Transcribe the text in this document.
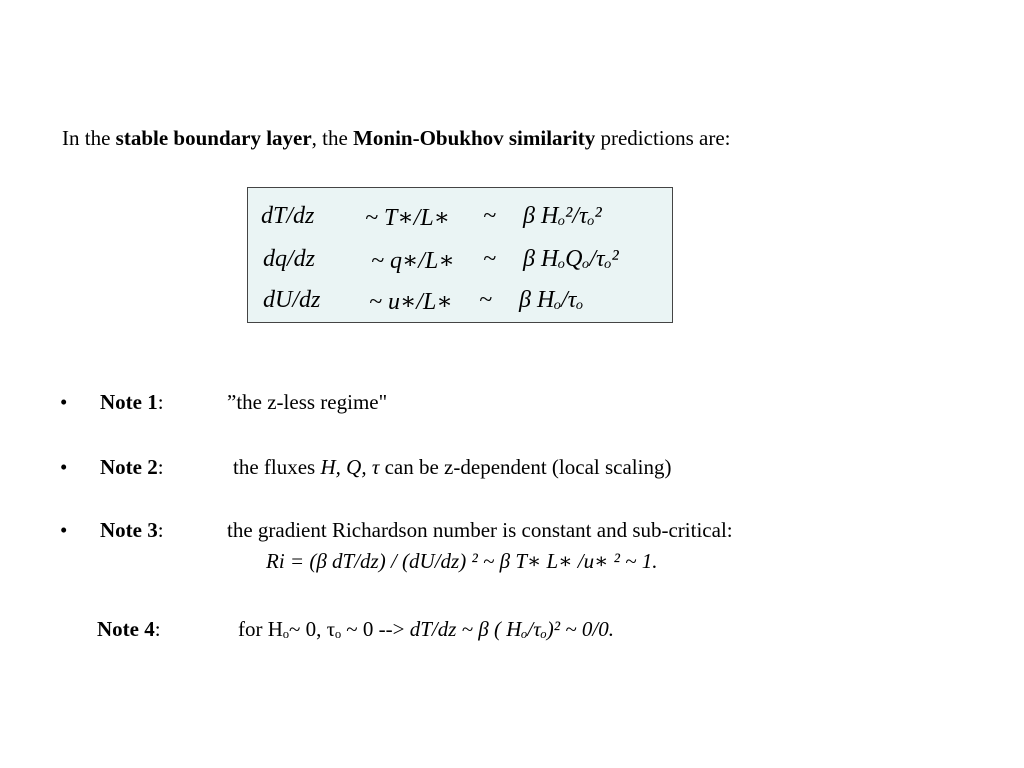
In the stable boundary layer, the Monin-Obukhov similarity predictions are:
dT/dz ~ T∗/L∗ ~ β Hₒ²/τₒ²
dq/dz ~ q∗/L∗ ~ β HₒQₒ/τₒ²
dU/dz ~ u∗/L∗ ~ β Hₒ/τₒ
• Note 1:	”the z-less regime"
• Note 2:	the fluxes H, Q, τ can be z-dependent (local scaling)
• Note 3:	the gradient Richardson number is constant and sub-critical:
Ri = (β dT/dz) / (dU/dz) ² ~ β T∗ L∗ /u∗ ² ~ 1.
Note 4:	for Hₒ~ 0, τₒ ~ 0 --> dT/dz ~ β ( Hₒ/τₒ)² ~ 0/0.
